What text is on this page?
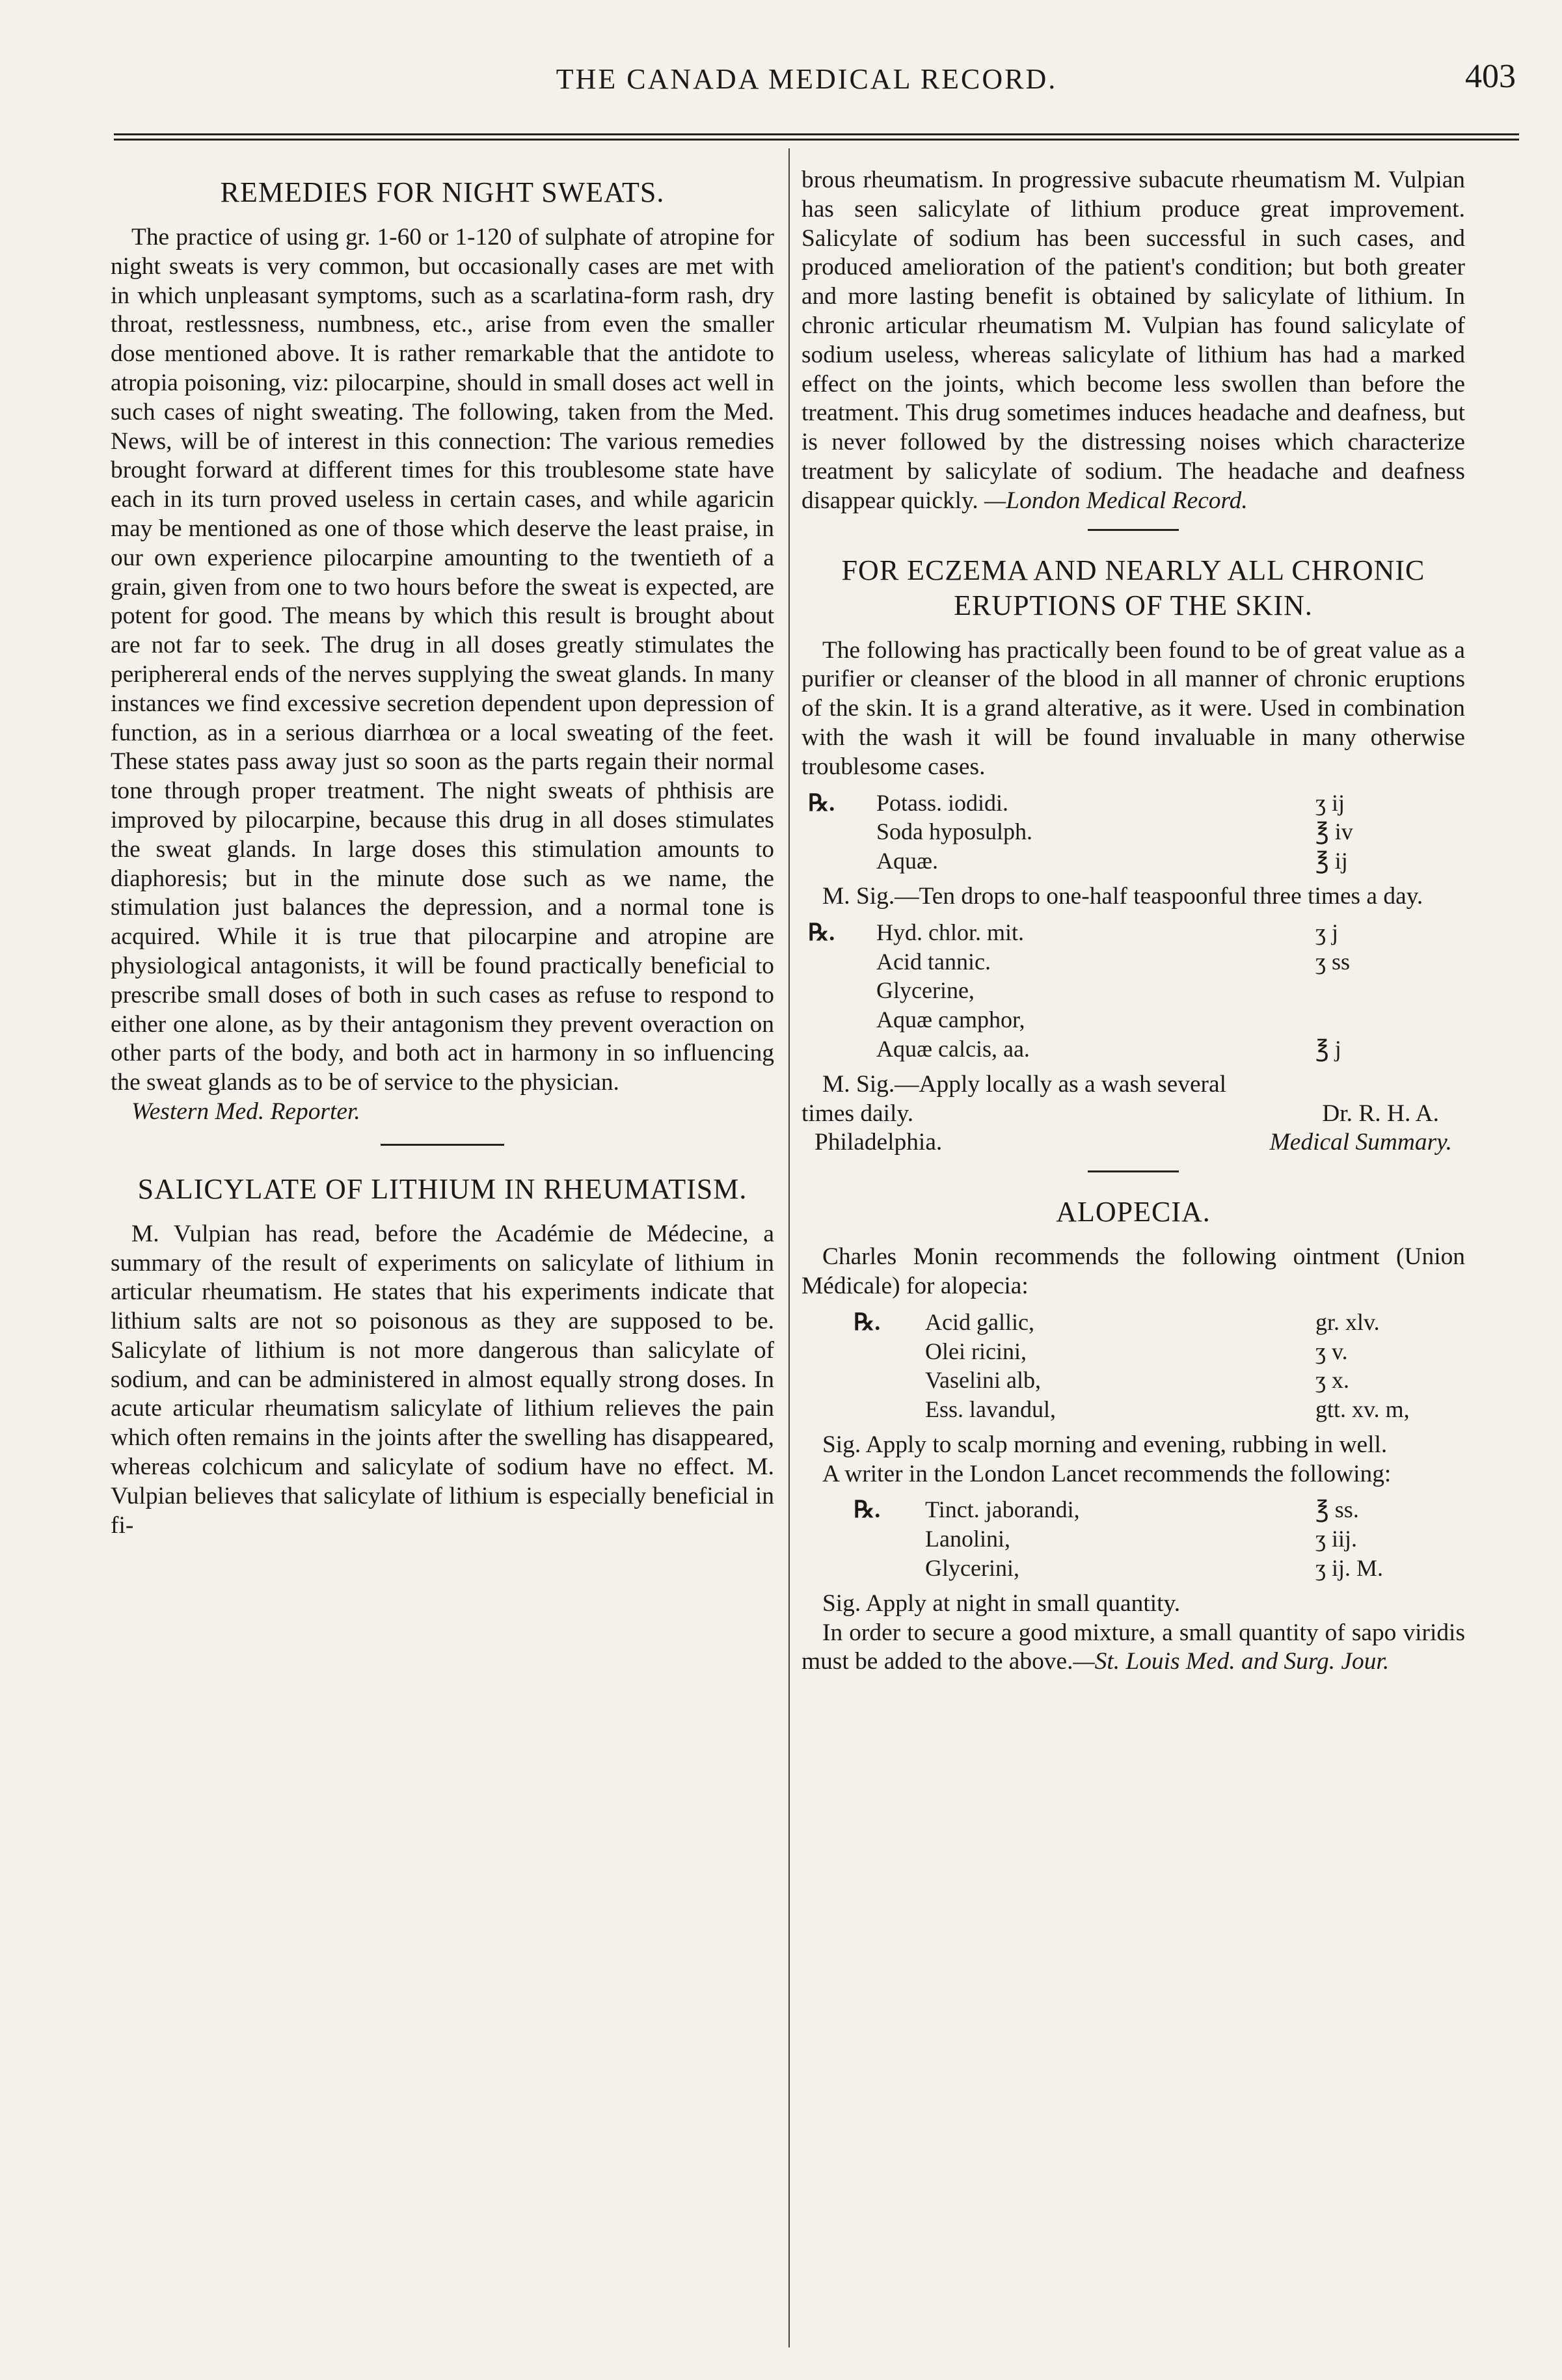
THE CANADA MEDICAL RECORD.	403
REMEDIES FOR NIGHT SWEATS.

The practice of using gr. 1-60 or 1-120 of sulphate of atropine for night sweats is very common, but occasionally cases are met with in which unpleasant symptoms, such as a scarlatina-form rash, dry throat, restlessness, numbness, etc., arise from even the smaller dose mentioned above. It is rather remarkable that the antidote to atropia poisoning, viz: pilocarpine, should in small doses act well in such cases of night sweating. The following, taken from the Med. News, will be of interest in this connection: The various remedies brought forward at different times for this troublesome state have each in its turn proved useless in certain cases, and while agaricin may be mentioned as one of those which deserve the least praise, in our own experience pilocarpine amounting to the twentieth of a grain, given from one to two hours before the sweat is expected, are potent for good. The means by which this result is brought about are not far to seek. The drug in all doses greatly stimulates the periphereral ends of the nerves supplying the sweat glands. In many instances we find excessive secretion dependent upon depression of function, as in a serious diarrhœa or a local sweating of the feet. These states pass away just so soon as the parts regain their normal tone through proper treatment. The night sweats of phthisis are improved by pilocarpine, because this drug in all doses stimulates the sweat glands. In large doses this stimulation amounts to diaphoresis; but in the minute dose such as we name, the stimulation just balances the depression, and a normal tone is acquired. While it is true that pilocarpine and atropine are physiological antagonists, it will be found practically beneficial to prescribe small doses of both in such cases as refuse to respond to either one alone, as by their antagonism they prevent overaction on other parts of the body, and both act in harmony in so influencing the sweat glands as to be of service to the physician.

Western Med. Reporter.

SALICYLATE OF LITHIUM IN RHEUMATISM.

M. Vulpian has read, before the Académie de Médecine, a summary of the result of experiments on salicylate of lithium in articular rheumatism. He states that his experiments indicate that lithium salts are not so poisonous as they are supposed to be. Salicylate of lithium is not more dangerous than salicylate of sodium, and can be administered in almost equally strong doses. In acute articular rheumatism salicylate of lithium relieves the pain which often remains in the joints after the swelling has disappeared, whereas colchicum and salicylate of sodium have no effect. M. Vulpian believes that salicylate of lithium is especially beneficial in fi-

brous rheumatism. In progressive subacute rheumatism M. Vulpian has seen salicylate of lithium produce great improvement. Salicylate of sodium has been successful in such cases, and produced amelioration of the patient's condition; but both greater and more lasting benefit is obtained by salicylate of lithium. In chronic articular rheumatism M. Vulpian has found salicylate of sodium useless, whereas salicylate of lithium has had a marked effect on the joints, which become less swollen than before the treatment. This drug sometimes induces headache and deafness, but is never followed by the distressing noises which characterize treatment by salicylate of sodium. The headache and deafness disappear quickly. —London Medical Record.

FOR ECZEMA AND NEARLY ALL CHRONIC ERUPTIONS OF THE SKIN.

The following has practically been found to be of great value as a purifier or cleanser of the blood in all manner of chronic eruptions of the skin. It is a grand alterative, as it were. Used in combination with the wash it will be found invaluable in many otherwise troublesome cases.

℞. Potass. iodidi.	ʒ ij
Soda hyposulph.	℥ iv
Aquæ.	℥ ij

M. Sig.—Ten drops to one-half teaspoonful three times a day.

℞. Hyd. chlor. mit.	ʒ j
Acid tannic.	ʒ ss
Glycerine,
Aquæ camphor,
Aquæ calcis, aa.	℥ j

M. Sig.—Apply locally as a wash several

times daily.	Dr. R. H. A.
Philadelphia.	Medical Summary.
ALOPECIA.

Charles Monin recommends the following ointment (Union Médicale) for alopecia:

℞. Acid gallic,	gr. xlv.
Olei ricini,	ʒ v.
Vaselini alb,	ʒ x.
Ess. lavandul,	gtt. xv. m,

Sig. Apply to scalp morning and evening, rubbing in well.

A writer in the London Lancet recommends the following:

℞. Tinct. jaborandi,	℥ ss.
Lanolini,	ʒ iij.
Glycerini,	ʒ ij. M.

Sig. Apply at night in small quantity.

In order to secure a good mixture, a small quantity of sapo viridis must be added to the above.—St. Louis Med. and Surg. Jour.
